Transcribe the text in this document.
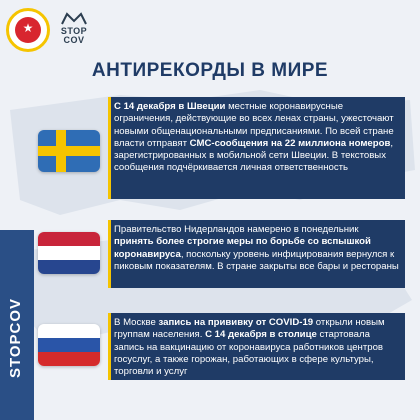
★	STOP
COV
АНТИРЕКОРДЫ В МИРЕ
STOPCOV
С 14 декабря в Швеции местные коронавирусные ограничения, действующие во всех ленах страны, ужесточают новыми общенациональными предписаниями. По всей стране власти отправят СМС-сообщения на 22 миллиона номеров, зарегистрированных в мобильной сети Швеции. В текстовых сообщения подчёркивается личная ответственность
Правительство Нидерландов намерено в понедельник принять более строгие меры по борьбе со вспышкой коронавируса, поскольку уровень инфицирования вернулся к пиковым показателям. В стране закрыты все бары и рестораны
В Москве запись на прививку от COVID-19 открыли новым группам населения. С 14 декабря в столице стартовала запись на вакцинацию от коронавируса работников центров госуслуг, а также горожан, работающих в сфере культуры, торговли и услуг
